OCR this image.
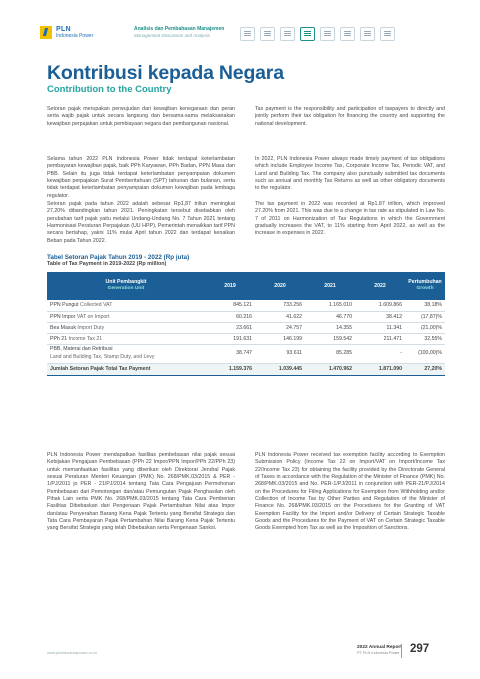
PLN
Indonesia Power
Analisis dan Pembahasan Manajemen
Management Discussion and Analysis
Kontribusi kepada Negara
Contribution to the Country

Setoran pajak merupakan perwujudan dari kewajiban kenegaraan dan peran serta wajib pajak untuk secara langsung dan bersama-sama melaksanakan kewajiban perpajakan untuk pembiayaan negara dan pembangunan nasional.

Tax payment is the responsibility and participation of taxpayers to directly and jointly perform their tax obligation for financing the country and supporting the national development.

Selama tahun 2022 PLN Indonesia Power tidak terdapat keterlambatan pembayaran kewajiban pajak, baik PPh Karyawan, PPh Badan, PPN Masa dan PBB. Selain itu juga tidak terdapat keterlambatan penyampaian dokumen kewajiban perpajakan Surat Pemberitahuan (SPT) tahunan dan bulanan, serta tidak terdapat keterlambatan penyampaian dokumen kewajiban pada lembaga regulator.

In 2022, PLN Indonesia Power always made timely payment of tax obligations which include Employee Income Tax, Corporate Income Tax, Periodic VAT, and Land and Building Tax. The company also punctually submitted tax documents such as annual and monthly Tax Returns as well as other obligatory documents to the regulator.

Setoran pajak pada tahun 2022 adalah sebesar Rp1,87 triliun meningkat 27,20% dibandingkan tahun 2021. Peningkatan tersebut disebabkan oleh perubahan tarif pajak yaitu melalui Undang-Undang No. 7 Tahun 2021 tentang Harmonisasi Peraturan Perpajakan (UU HPP), Pemerintah menaikkan tarif PPN secara bertahap, yakni 11% mulai April tahun 2022 dan terdapat kenaikan Beban pada Tahun 2022.

The tax payment in 2022 was recorded at Rp1.87 trillion, which improved 27.20% from 2021. This was due to a change in tax rate as stipulated in Law No. 7 of 2011 on Harmonization of Tax Regulations in which the Government gradually increases the VAT, to 11% starting from April 2022, as well as the increase in expenses in 2022.

Tabel Setoran Pajak Tahun 2019 - 2022 (Rp juta)
Table of Tax Payment in 2019-2022 (Rp million)
Unit Pembangkit
Generation Unit	2019	2020	2021	2022	Pertumbuhan
Growth

PPN Pungut Collected VAT	845.121	733.256	1.165.010	1.609.866	38,18%
PPN Impor VAT on Import	60.216	41.622	46.770	38.412	(17,87)%
Bea Masuk Import Duty	23.661	24.757	14.355	11.341	(21,00)%
PPh 21 Income Tax 21	191.631	146.199	159.542	211.471	32,55%
PBB, Materai dan Retribusi
Land and Building Tax, Stamp Duty, and Levy	38.747	93.611	85.285	-	(100,00)%
Jumlah Setoran Pajak Total Tax Payment	1.159.376	1.039.445	1.470.962	1.871.090	27,20%

PLN Indonesia Power mendapatkan fasilitas pembebasan nilai pajak sesuai Kebijakan Pengajuan Pembebasan (PPh 22 Impor/PPN Impor/PPh 22/PPh 23) untuk memanfaatkan fasilitas yang diberikan oleh Direktorat Jendral Pajak sesuai Peraturan Menteri Keuangan (PMK) No. 268/PMK.03/2015 & PER - 1/PJ/2011 jo PER - 21/PJ/2014 tentang Tata Cara Pengajuan Permohonan Pembebasan dari Pemotongan dan/atau Pemungutan Pajak Penghasilan oleh Pihak Lain serta PMK No. 268/PMK.03/2015 tentang Tata Cara Pemberian Fasilitas Dibebaskan dari Pengenaan Pajak Pertambahan Nilai atas Impor dan/atau Penyerahan Barang Kena Pajak Tertentu yang Bersifat Strategis dan Tata Cara Pembayaran Pajak Pertambahan Nilai Barang Kena Pajak Tertentu yang Bersifat Strategis yang telah Dibebaskan serta Pengenaan Sanksi.

PLN Indonesia Power received tax exemption facility according to Exemption Submission Policy (Income Tax 22 on Import/VAT on Import/Income Tax 22/Income Tax 23) for obtaining the facility provided by the Directorate General of Taxes in accordance with the Regulation of the Minister of Finance (PMK) No. 268/PMK.03/2015 and No. PER-1/PJ/2011 in conjunction with PER-21/PJ/2014 on the Procedures for Filing Applications for Exemption from Withholding and/or Collection of Income Tax by Other Parties and Regulation of the Minister of Finance No. 268/PMK.03/2015 on the Procedures for the Granting of VAT Exemption Facility for the Import and/or Delivery of Certain Strategic Taxable Goods and the Procedures for the Payment of VAT on Certain Strategic Taxable Goods Exempted from Tax as well as the Imposition of Sanctions.

www.plnindonesiapower.co.id
2022 Annual Report
PT PLN Indonesia Power 297
